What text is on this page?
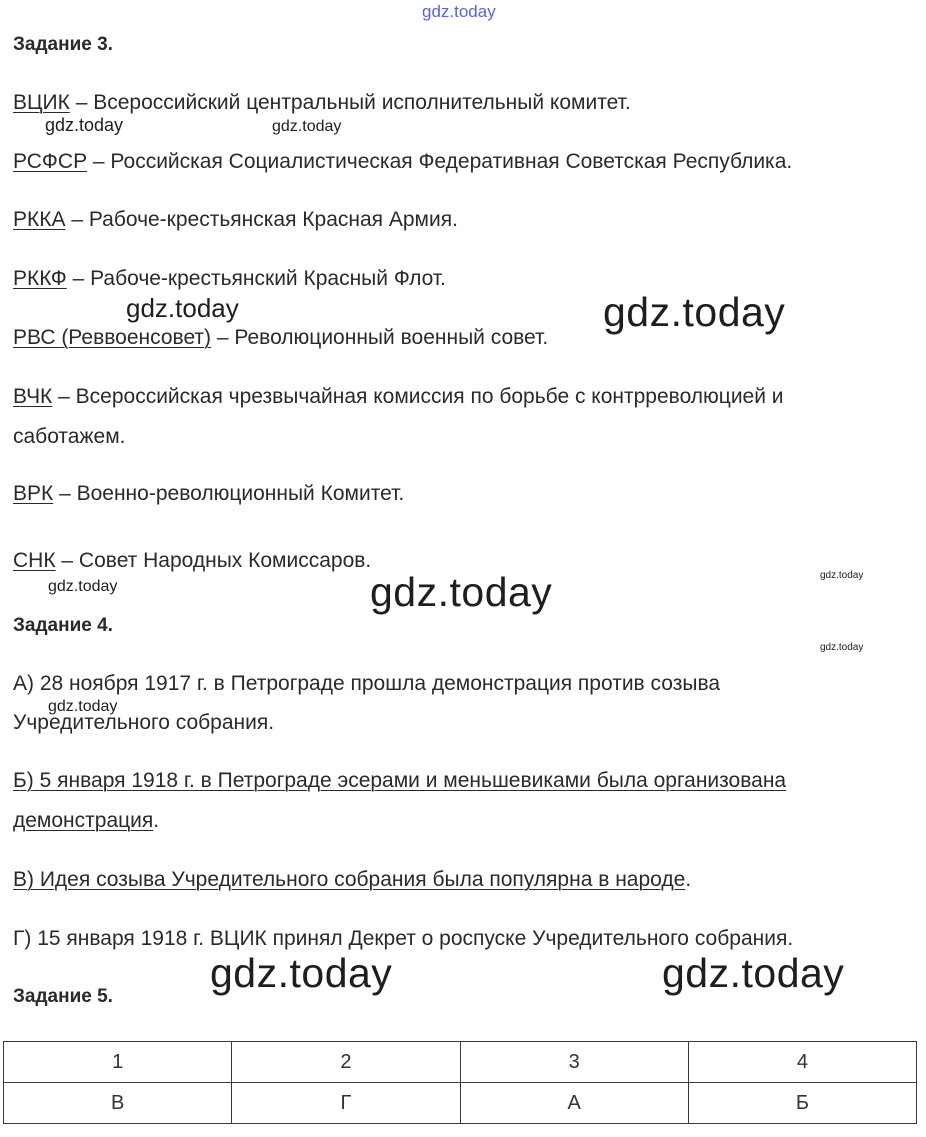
gdz.today
gdz.today	gdz.today
gdz.today	gdz.today
gdz.today	gdz.today	gdz.today
gdz.today
gdz.today
gdz.today	gdz.today
Задание 3.
ВЦИК – Всероссийский центральный исполнительный комитет.
РСФСР – Российская Социалистическая Федеративная Советская Республика.
РККА – Рабоче-крестьянская Красная Армия.
РККФ – Рабоче-крестьянский Красный Флот.
РВС (Реввоенсовет) – Революционный военный совет.
ВЧК – Всероссийская чрезвычайная комиссия по борьбе с контрреволюцией и
саботажем.
ВРК – Военно-революционный Комитет.
СНК – Совет Народных Комиссаров.
Задание 4.
А) 28 ноября 1917 г. в Петрограде прошла демонстрация против созыва
Учредительного собрания.
Б) 5 января 1918 г. в Петрограде эсерами и меньшевиками была организована
демонстрация.
В) Идея созыва Учредительного собрания была популярна в народе.
Г) 15 января 1918 г. ВЦИК принял Декрет о роспуске Учредительного собрания.
Задание 5.
1	2	3	4
В	Г	А	Б
